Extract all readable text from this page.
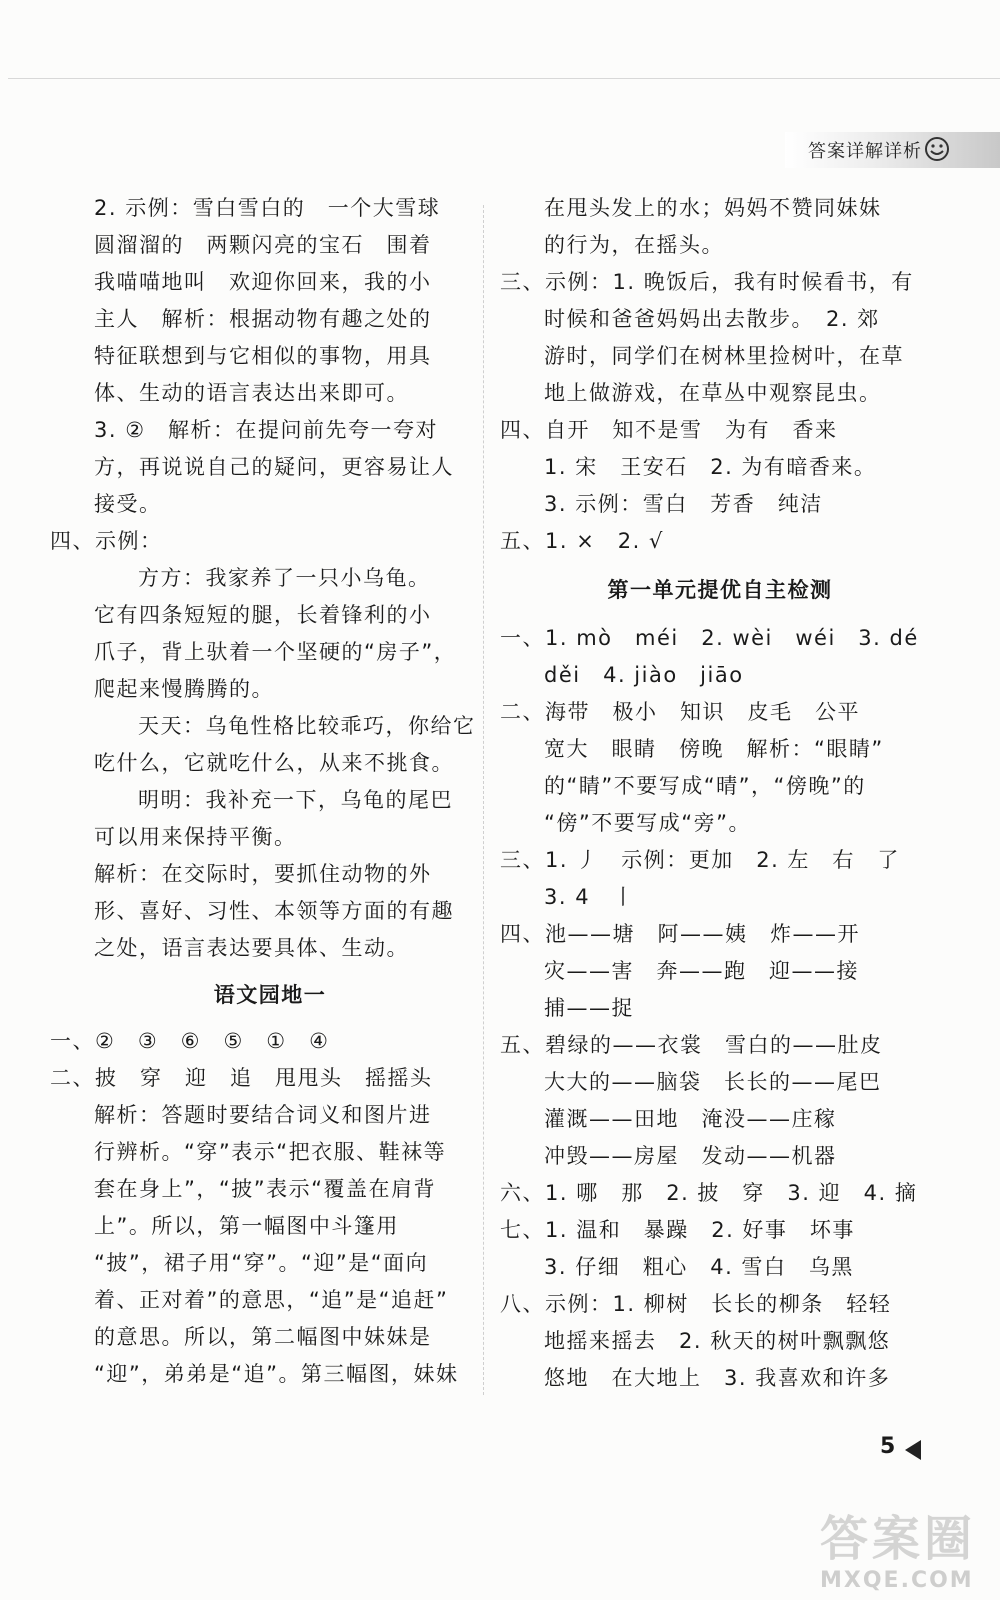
答案详解详析
2. 示例：雪白雪白的　一个大雪球
圆溜溜的　两颗闪亮的宝石　围着
我喵喵地叫　欢迎你回来，我的小
主人　解析：根据动物有趣之处的
特征联想到与它相似的事物，用具
体、生动的语言表达出来即可。
3. ②　解析：在提问前先夸一夸对
方，再说说自己的疑问，更容易让人
接受。
四、示例：
方方：我家养了一只小乌龟。
它有四条短短的腿，长着锋利的小
爪子，背上驮着一个坚硬的“房子”，
爬起来慢腾腾的。
天天：乌龟性格比较乖巧，你给它
吃什么，它就吃什么，从来不挑食。
明明：我补充一下，乌龟的尾巴
可以用来保持平衡。
解析：在交际时，要抓住动物的外
形、喜好、习性、本领等方面的有趣
之处，语言表达要具体、生动。
语文园地一
一、②　③　⑥　⑤　①　④
二、披　穿　迎　追　甩甩头　摇摇头
解析：答题时要结合词义和图片进
行辨析。“穿”表示“把衣服、鞋袜等
套在身上”，“披”表示“覆盖在肩背
上”。所以，第一幅图中斗篷用
“披”，裙子用“穿”。“迎”是“面向
着、正对着”的意思，“追”是“追赶”
的意思。所以，第二幅图中妹妹是
“迎”，弟弟是“追”。第三幅图，妹妹
在甩头发上的水；妈妈不赞同妹妹
的行为，在摇头。
三、示例：1. 晚饭后，我有时候看书，有
时候和爸爸妈妈出去散步。　2. 郊
游时，同学们在树林里捡树叶，在草
地上做游戏，在草丛中观察昆虫。
四、自开　知不是雪　为有　香来
1. 宋　王安石　2. 为有暗香来。
3. 示例：雪白　芳香　纯洁
五、1. ×　2. √
第一单元提优自主检测
一、1. mò　méi　2. wèi　wéi　3. dé
děi　4. jiào　jiāo
二、海带　极小　知识　皮毛　公平
宽大　眼睛　傍晚　解析：“眼睛”
的“睛”不要写成“晴”，“傍晚”的
“傍”不要写成“旁”。
三、1. 丿　示例：更加　2. 左　右　了
3. 4　丨
四、池——塘　阿——姨　炸——开
灾——害　奔——跑　迎——接
捕——捉
五、碧绿的——衣裳　雪白的——肚皮
大大的——脑袋　长长的——尾巴
灌溉——田地　淹没——庄稼
冲毁——房屋　发动——机器
六、1. 哪　那　2. 披　穿　3. 迎　4. 摘
七、1. 温和　暴躁　2. 好事　坏事
3. 仔细　粗心　4. 雪白　乌黑
八、示例：1. 柳树　长长的柳条　轻轻
地摇来摇去　2. 秋天的树叶飘飘悠
悠地　在大地上　3. 我喜欢和许多
5
答案圈
MXQE.COM
